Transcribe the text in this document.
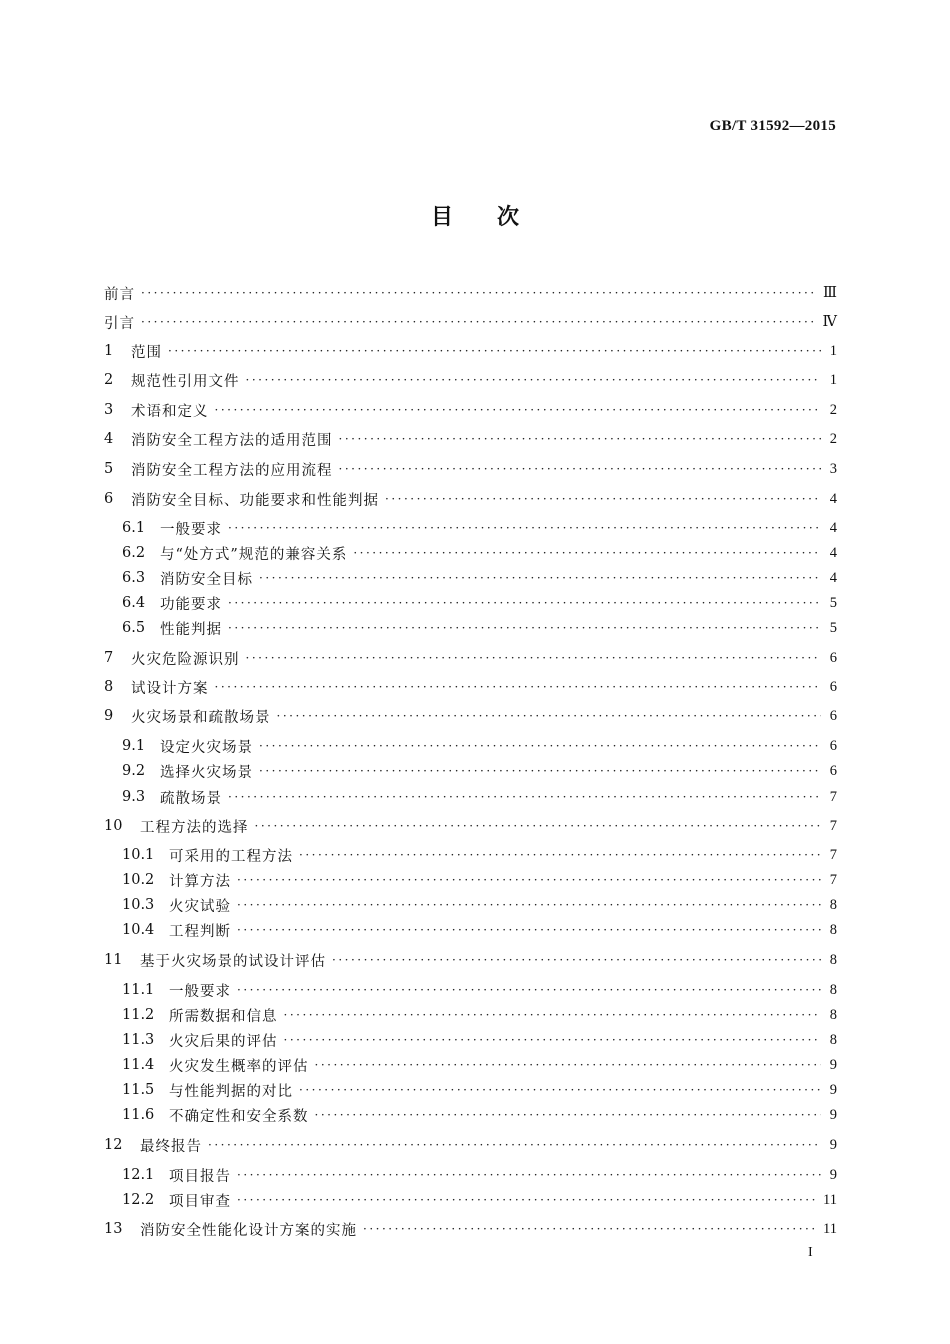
GB/T 31592—2015
目次
前言 ·····	Ⅲ
引言 ·····	Ⅳ
1	范围 ·····	1
2	规范性引用文件 ·····	1
3	术语和定义 ·····	2
4	消防安全工程方法的适用范围 ·····	2
5	消防安全工程方法的应用流程 ·····	3
6	消防安全目标、功能要求和性能判据 ·····	4
6.1	一般要求 ·····	4
6.2	与“处方式”规范的兼容关系 ·····	4
6.3	消防安全目标 ·····	4
6.4	功能要求 ·····	5
6.5	性能判据 ·····	5
7	火灾危险源识别 ·····	6
8	试设计方案 ·····	6
9	火灾场景和疏散场景 ·····	6
9.1	设定火灾场景 ·····	6
9.2	选择火灾场景 ·····	6
9.3	疏散场景 ·····	7
10	工程方法的选择 ·····	7
10.1	可采用的工程方法 ·····	7
10.2	计算方法 ·····	7
10.3	火灾试验 ·····	8
10.4	工程判断 ·····	8
11	基于火灾场景的试设计评估 ·····	8
11.1	一般要求 ·····	8
11.2	所需数据和信息 ·····	8
11.3	火灾后果的评估 ·····	8
11.4	火灾发生概率的评估 ·····	9
11.5	与性能判据的对比 ·····	9
11.6	不确定性和安全系数 ·····	9
12	最终报告 ·····	9
12.1	项目报告 ·····	9
12.2	项目审查 ·····	11
13	消防安全性能化设计方案的实施 ·····	11
I
